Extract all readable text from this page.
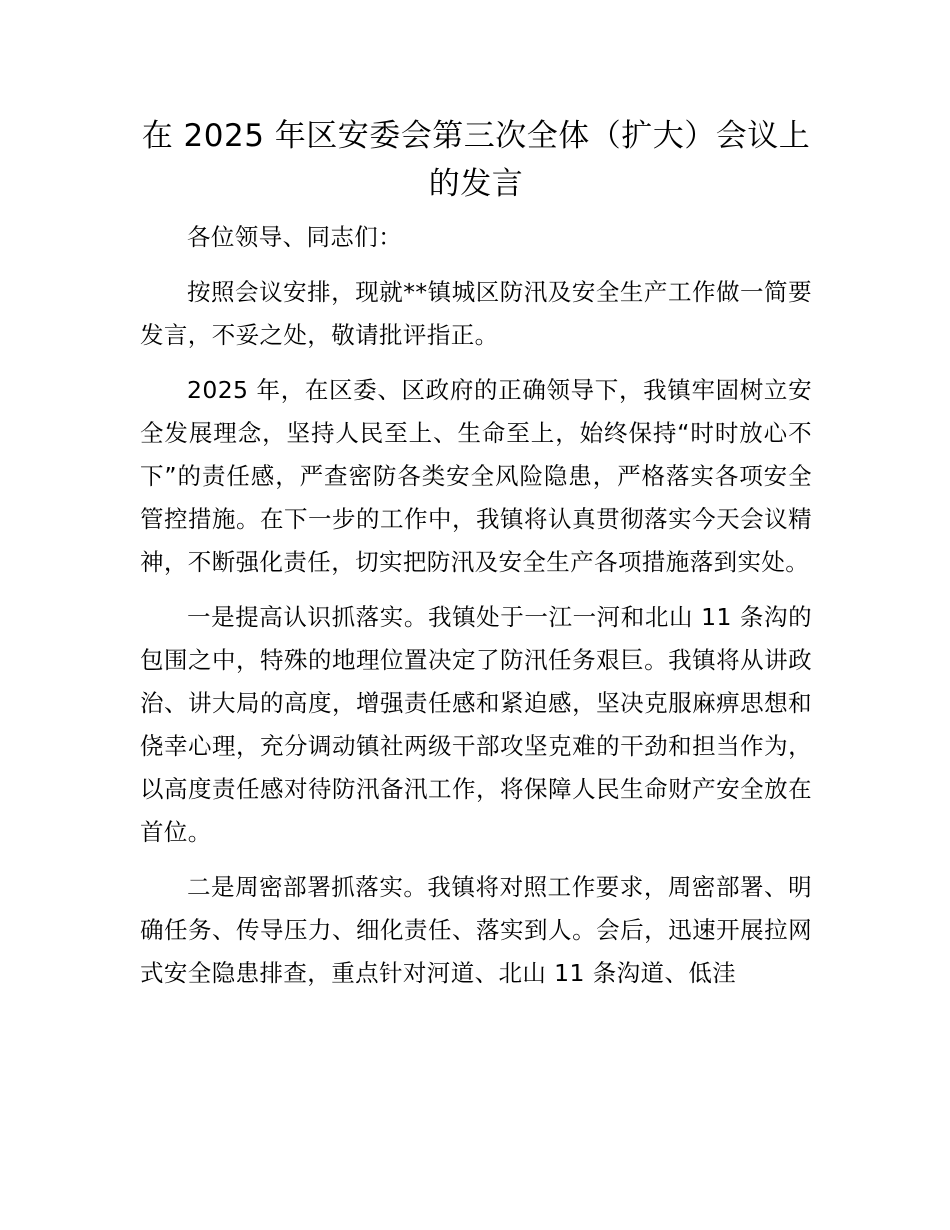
在 2025 年区安委会第三次全体（扩大）会议上的发言

各位领导、同志们：

按照会议安排，现就**镇城区防汛及安全生产工作做一简要发言，不妥之处，敬请批评指正。

2025 年，在区委、区政府的正确领导下，我镇牢固树立安全发展理念，坚持人民至上、生命至上，始终保持“时时放心不下”的责任感，严查密防各类安全风险隐患，严格落实各项安全管控措施。在下一步的工作中，我镇将认真贯彻落实今天会议精神，不断强化责任，切实把防汛及安全生产各项措施落到实处。

一是提高认识抓落实。我镇处于一江一河和北山 11 条沟的包围之中，特殊的地理位置决定了防汛任务艰巨。我镇将从讲政治、讲大局的高度，增强责任感和紧迫感，坚决克服麻痹思想和侥幸心理，充分调动镇社两级干部攻坚克难的干劲和担当作为，以高度责任感对待防汛备汛工作，将保障人民生命财产安全放在首位。

二是周密部署抓落实。我镇将对照工作要求，周密部署、明确任务、传导压力、细化责任、落实到人。会后，迅速开展拉网式安全隐患排查，重点针对河道、北山 11 条沟道、低洼
